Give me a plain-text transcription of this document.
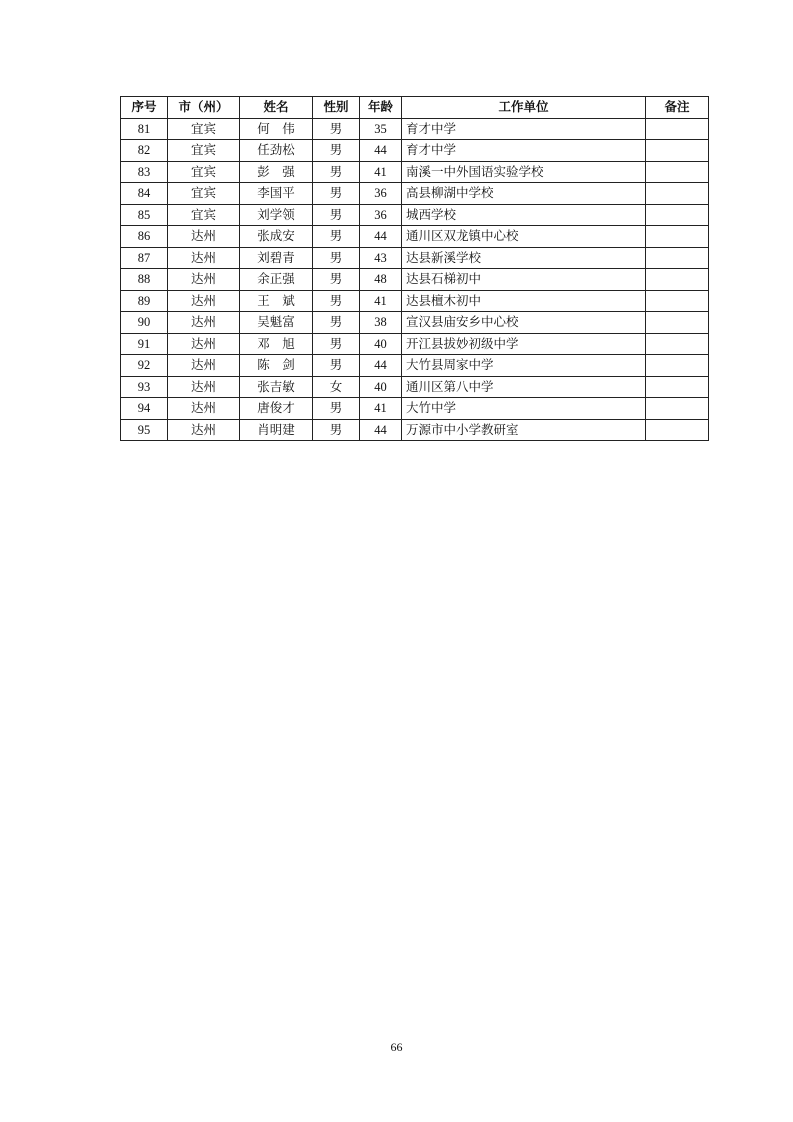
序号	市（州）	姓名	性别	年龄	工作单位	备注
81	宜宾	何　伟	男	35	育才中学	
82	宜宾	任劲松	男	44	育才中学	
83	宜宾	彭　强	男	41	南溪一中外国语实验学校	
84	宜宾	李国平	男	36	高县柳湖中学校	
85	宜宾	刘学领	男	36	城西学校	
86	达州	张成安	男	44	通川区双龙镇中心校	
87	达州	刘碧青	男	43	达县新溪学校	
88	达州	余正强	男	48	达县石梯初中	
89	达州	王　斌	男	41	达县檀木初中	
90	达州	吴魁富	男	38	宣汉县庙安乡中心校	
91	达州	邓　旭	男	40	开江县拔妙初级中学	
92	达州	陈　剑	男	44	大竹县周家中学	
93	达州	张吉敏	女	40	通川区第八中学	
94	达州	唐俊才	男	41	大竹中学	
95	达州	肖明建	男	44	万源市中小学教研室	
66
